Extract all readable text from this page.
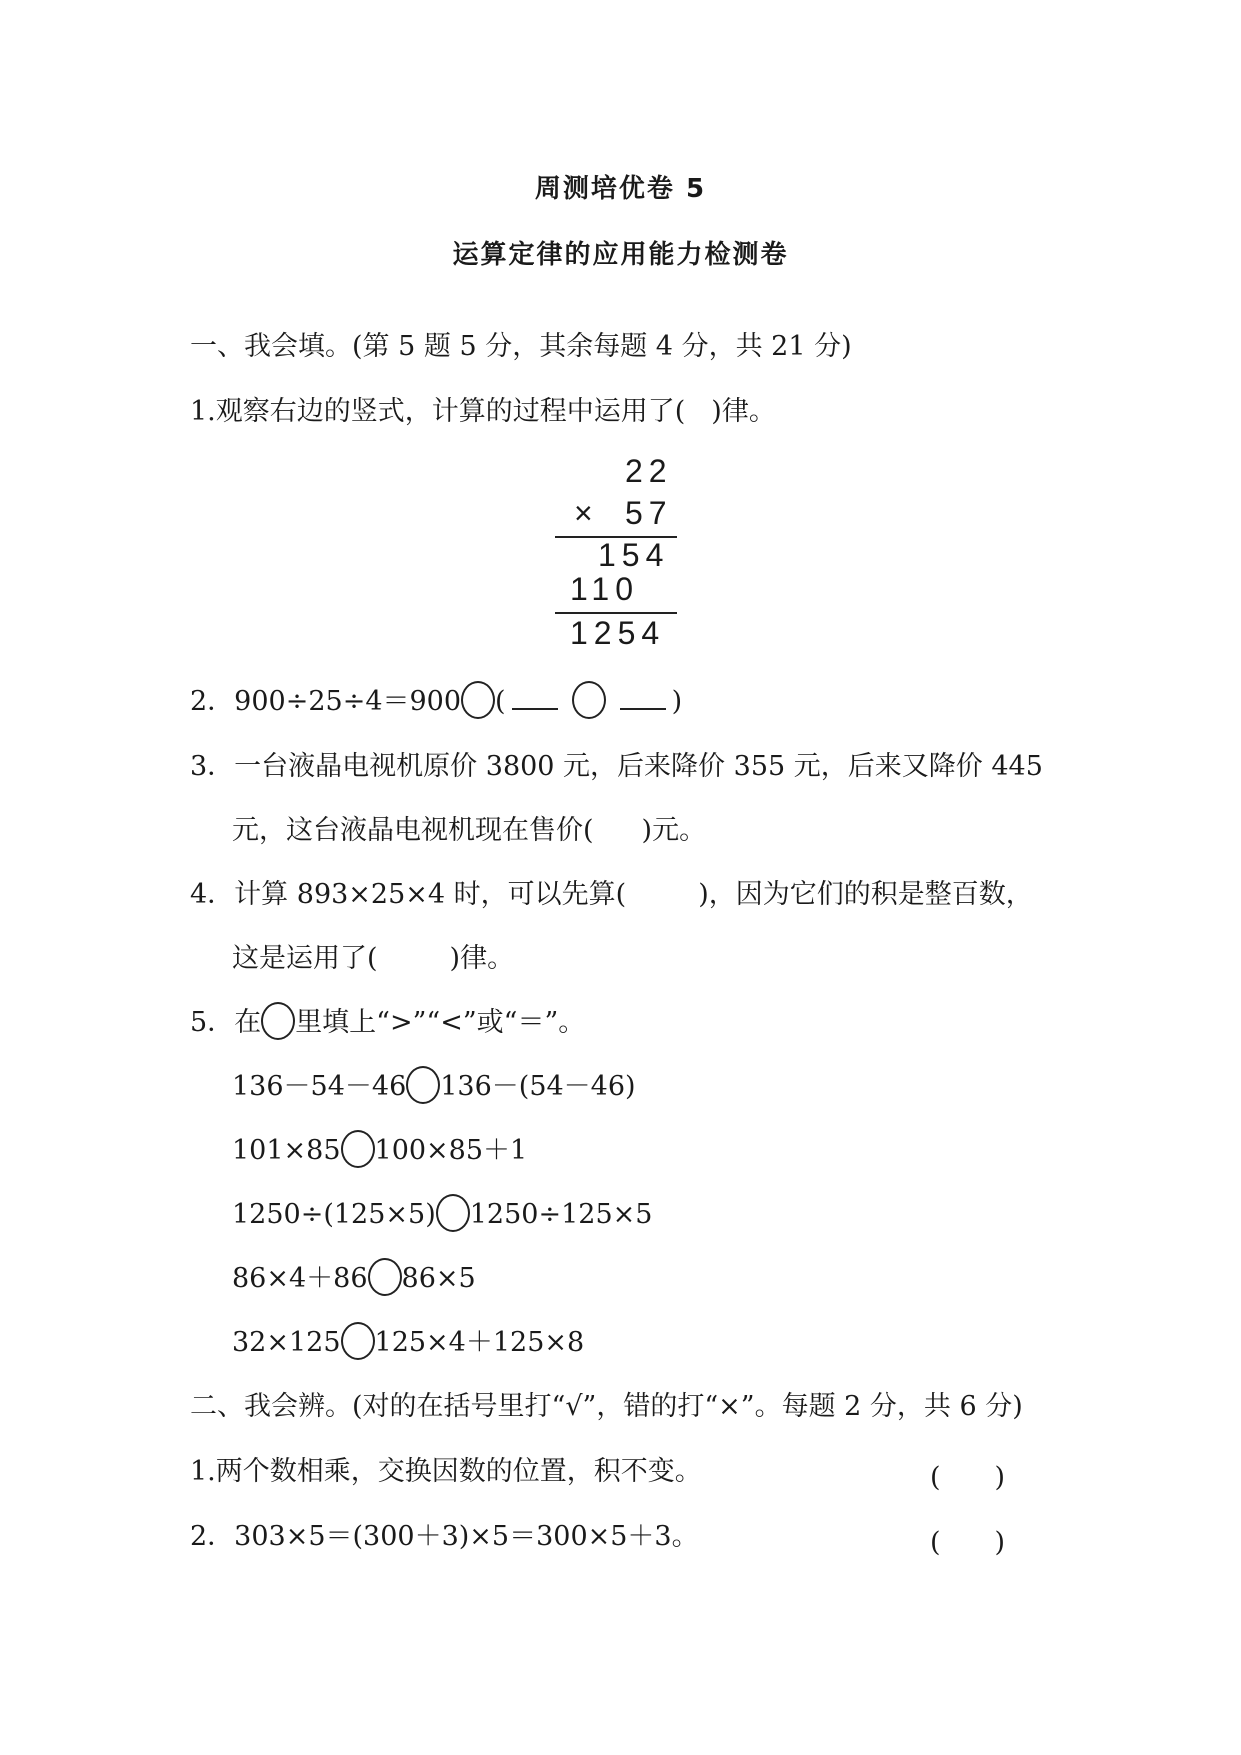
周测培优卷 5
运算定律的应用能力检测卷
一、我会填。(第 5 题 5 分，其余每题 4 分，共 21 分)
1.观察右边的竖式，计算的过程中运用了( )律。
22
× 57
154
110
1254
2．900÷25÷4＝900 (	)
3．一台液晶电视机原价 3800 元，后来降价 355 元，后来又降价 445
元，这台液晶电视机现在售价( )元。
4．计算 893×25×4 时，可以先算(	)，因为它们的积是整百数，
这是运用了(	)律。
5．在 里填上“>”“<”或“＝”。
136－54－46 136－(54－46)
101×85 100×85＋1
1250÷(125×5) 1250÷125×5
86×4＋86 86×5
32×125 125×4＋125×8
二、我会辨。(对的在括号里打“√”，错的打“×”。每题 2 分，共 6 分)
1.两个数相乘，交换因数的位置，积不变。	(　　)
2．303×5＝(300＋3)×5＝300×5＋3。	(　　)
